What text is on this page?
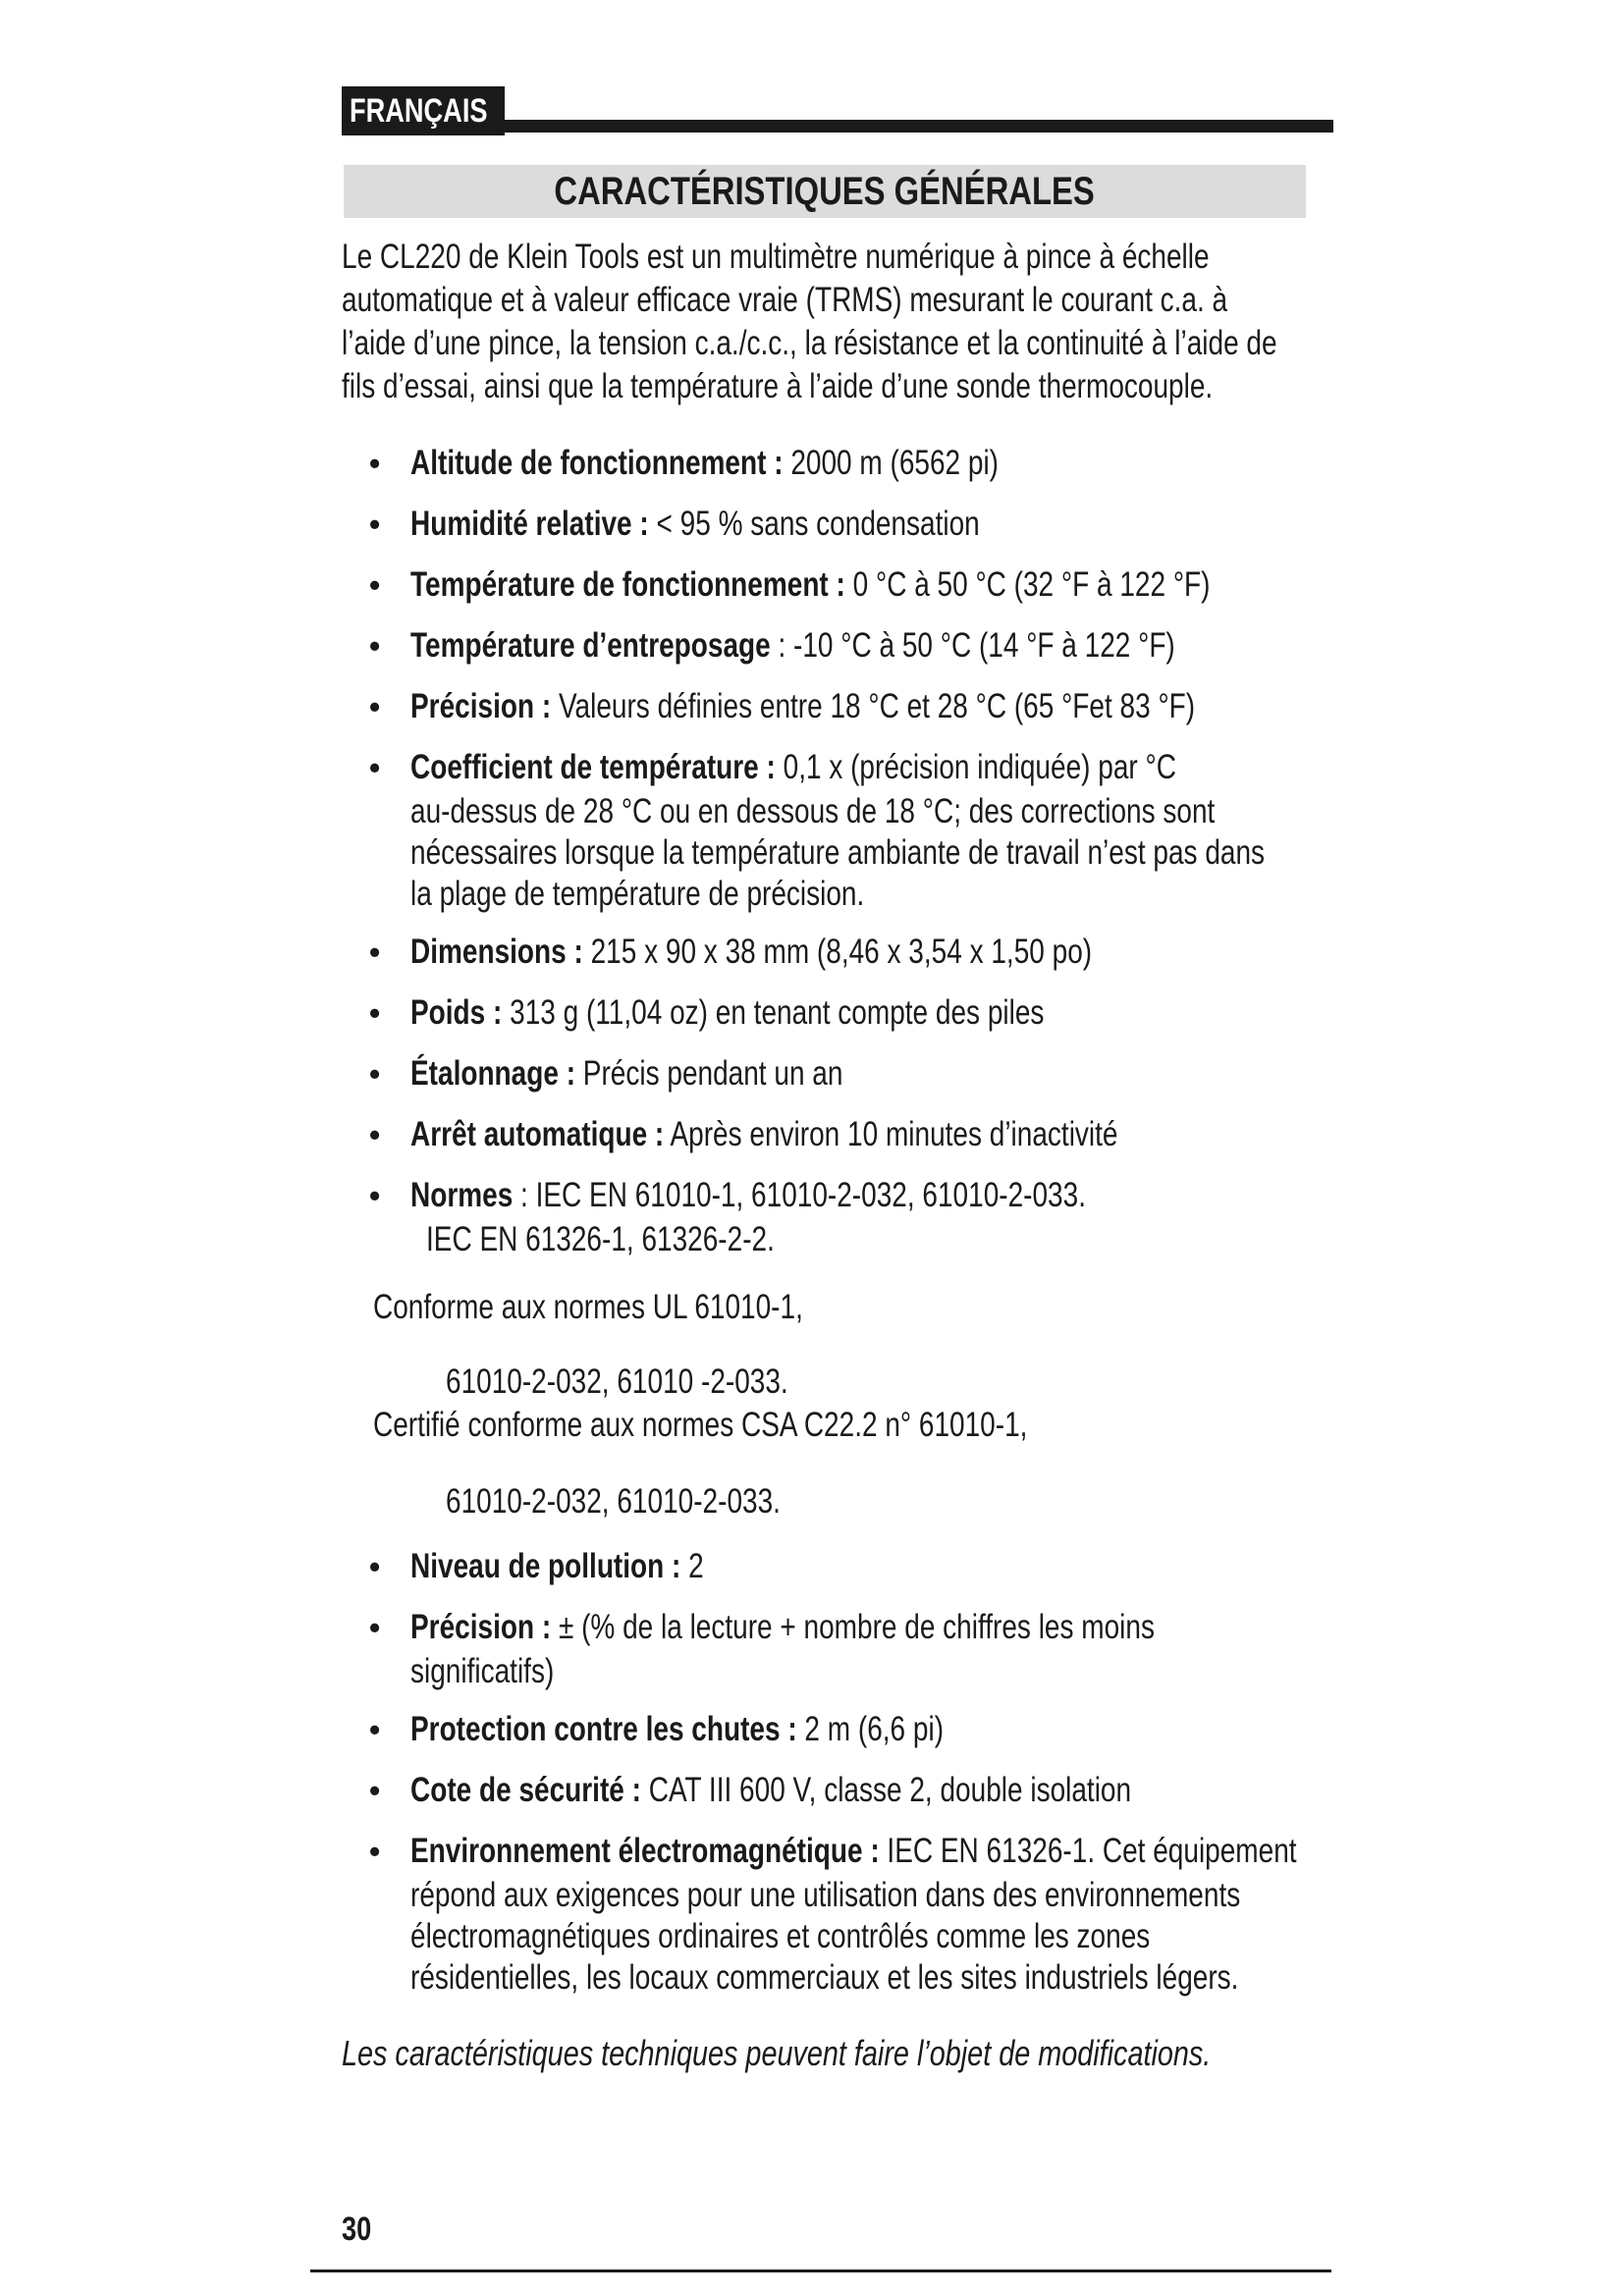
FRANÇAIS
CARACTÉRISTIQUES GÉNÉRALES
Le CL220 de Klein Tools est un multimètre numérique à pince à échelle
automatique et à valeur efficace vraie (TRMS) mesurant le courant c.a. à
l’aide d’une pince, la tension c.a./c.c., la résistance et la continuité à l’aide de
fils d’essai, ainsi que la température à l’aide d’une sonde thermocouple.
• Altitude de fonctionnement : 2000 m (6562 pi)
• Humidité relative : < 95 % sans condensation
• Température de fonctionnement : 0 °C à 50 °C (32 °F à 122 °F)
• Température d’entreposage : -10 °C à 50 °C (14 °F à 122 °F)
• Précision : Valeurs définies entre 18 °C et 28 °C (65 °Fet 83 °F)
• Coefficient de température : 0,1 x (précision indiquée) par °C
au-dessus de 28 °C ou en dessous de 18 °C; des corrections sont
nécessaires lorsque la température ambiante de travail n’est pas dans
la plage de température de précision.
• Dimensions : 215 x 90 x 38 mm (8,46 x 3,54 x 1,50 po)
• Poids : 313 g (11,04 oz) en tenant compte des piles
• Étalonnage : Précis pendant un an
• Arrêt automatique : Après environ 10 minutes d’inactivité
• Normes : IEC EN 61010-1, 61010-2-032, 61010-2-033.
IEC EN 61326-1, 61326-2-2.
Conforme aux normes UL 61010-1,
61010-2-032, 61010 -2-033.
Certifié conforme aux normes CSA C22.2 n° 61010-1,
61010-2-032, 61010-2-033.
• Niveau de pollution : 2
• Précision : ± (% de la lecture + nombre de chiffres les moins
significatifs)
• Protection contre les chutes : 2 m (6,6 pi)
• Cote de sécurité : CAT III 600 V, classe 2, double isolation
• Environnement électromagnétique : IEC EN 61326-1. Cet équipement
répond aux exigences pour une utilisation dans des environnements
électromagnétiques ordinaires et contrôlés comme les zones
résidentielles, les locaux commerciaux et les sites industriels légers.
Les caractéristiques techniques peuvent faire l’objet de modifications.
30
